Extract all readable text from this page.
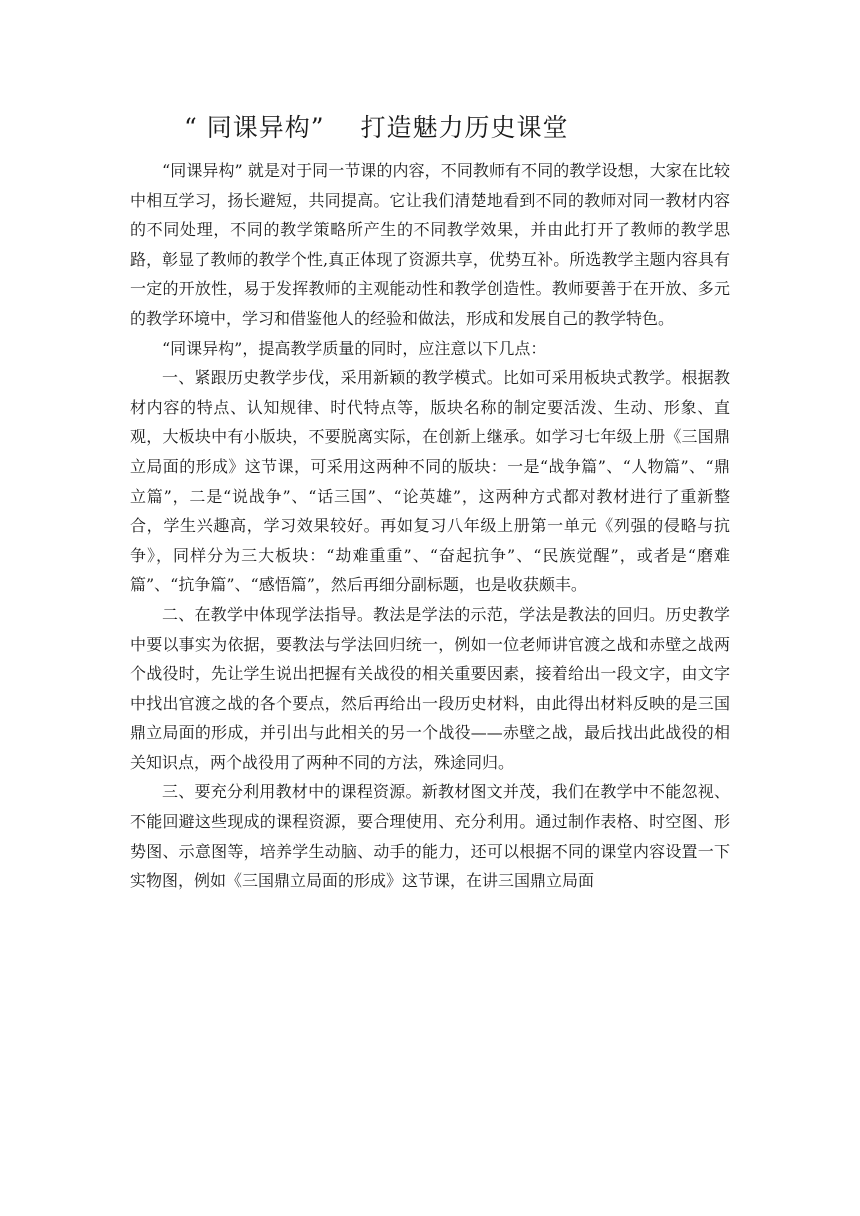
“ 同课异构” 打造魅力历史课堂

“同课异构” 就是对于同一节课的内容，不同教师有不同的教学设想，大家在比较中相互学习，扬长避短，共同提高。它让我们清楚地看到不同的教师对同一教材内容的不同处理，不同的教学策略所产生的不同教学效果，并由此打开了教师的教学思路，彰显了教师的教学个性,真正体现了资源共享，优势互补。所选教学主题内容具有一定的开放性，易于发挥教师的主观能动性和教学创造性。教师要善于在开放、多元的教学环境中，学习和借鉴他人的经验和做法，形成和发展自己的教学特色。

“同课异构”，提高教学质量的同时，应注意以下几点：

一、紧跟历史教学步伐，采用新颖的教学模式。比如可采用板块式教学。根据教材内容的特点、认知规律、时代特点等，版块名称的制定要活泼、生动、形象、直观，大板块中有小版块，不要脱离实际，在创新上继承。如学习七年级上册《三国鼎立局面的形成》这节课，可采用这两种不同的版块：一是“战争篇”、“人物篇”、“鼎立篇”，二是“说战争”、“话三国”、“论英雄”，这两种方式都对教材进行了重新整合，学生兴趣高，学习效果较好。再如复习八年级上册第一单元《列强的侵略与抗争》，同样分为三大板块：“劫难重重”、“奋起抗争”、“民族觉醒”，或者是“磨难篇”、“抗争篇”、“感悟篇”，然后再细分副标题，也是收获颇丰。

二、在教学中体现学法指导。教法是学法的示范，学法是教法的回归。历史教学中要以事实为依据，要教法与学法回归统一，例如一位老师讲官渡之战和赤壁之战两个战役时，先让学生说出把握有关战役的相关重要因素，接着给出一段文字，由文字中找出官渡之战的各个要点，然后再给出一段历史材料，由此得出材料反映的是三国鼎立局面的形成，并引出与此相关的另一个战役——赤壁之战，最后找出此战役的相关知识点，两个战役用了两种不同的方法，殊途同归。

三、要充分利用教材中的课程资源。新教材图文并茂，我们在教学中不能忽视、不能回避这些现成的课程资源，要合理使用、充分利用。通过制作表格、时空图、形势图、示意图等，培养学生动脑、动手的能力，还可以根据不同的课堂内容设置一下实物图，例如《三国鼎立局面的形成》这节课，在讲三国鼎立局面
